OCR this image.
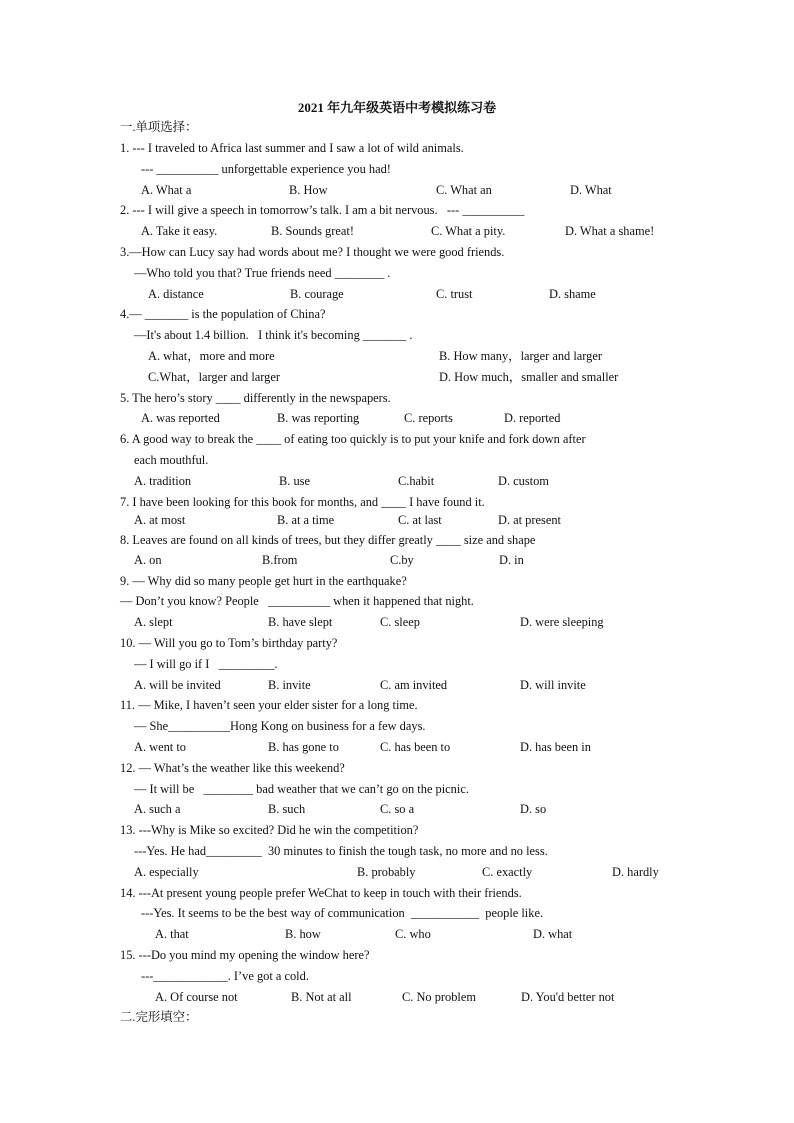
2021 年九年级英语中考模拟练习卷
一.单项选择：
1. --- I traveled to Africa last summer and I saw a lot of wild animals.
--- __________ unforgettable experience you had!
A. What a	B. How	C. What an	D. What
2. --- I will give a speech in tomorrow’s talk. I am a bit nervous.   --- __________
A. Take it easy.	B. Sounds great!	C. What a pity.	D. What a shame!
3.—How can Lucy say had words about me? I thought we were good friends.
—Who told you that? True friends need ________ .
A. distance	B. courage	C. trust	D. shame
4.— _______ is the population of China?
—It's about 1.4 billion.   I think it's becoming _______ .
A. what，more and more	B. How many，larger and larger
C.What，larger and larger	D. How much，smaller and smaller
5. The hero’s story ____ differently in the newspapers.
A. was reported	B. was reporting	C. reports	D. reported
6. A good way to break the ____ of eating too quickly is to put your knife and fork down after
each mouthful.
A. tradition	B. use	C.habit	D. custom
7. I have been looking for this book for months, and ____ I have found it.
A. at most	B. at a time	C. at last	D. at present
8. Leaves are found on all kinds of trees, but they differ greatly ____ size and shape
A. on	B.from	C.by	D. in
9. — Why did so many people get hurt in the earthquake?
— Don’t you know? People   __________ when it happened that night.
A. slept	B. have slept	C. sleep	D. were sleeping
10. — Will you go to Tom’s birthday party?
— I will go if I   _________.
A. will be invited	B. invite	C. am invited	D. will invite
11. — Mike, I haven’t seen your elder sister for a long time.
— She__________Hong Kong on business for a few days.
A. went to	B. has gone to	C. has been to	D. has been in
12. — What’s the weather like this weekend?
— It will be   ________ bad weather that we can’t go on the picnic.
A. such a	B. such	C. so a	D. so
13. ---Why is Mike so excited? Did he win the competition?
---Yes. He had_________  30 minutes to finish the tough task, no more and no less.
A. especially	B. probably	C. exactly	D. hardly
14. ---At present young people prefer WeChat to keep in touch with their friends.
---Yes. It seems to be the best way of communication  ___________  people like.
A. that	B. how	C. who	D. what
15. ---Do you mind my opening the window here?
---____________. I’ve got a cold.
A. Of course not	B. Not at all	C. No problem	D. You'd better not
二.完形填空：
